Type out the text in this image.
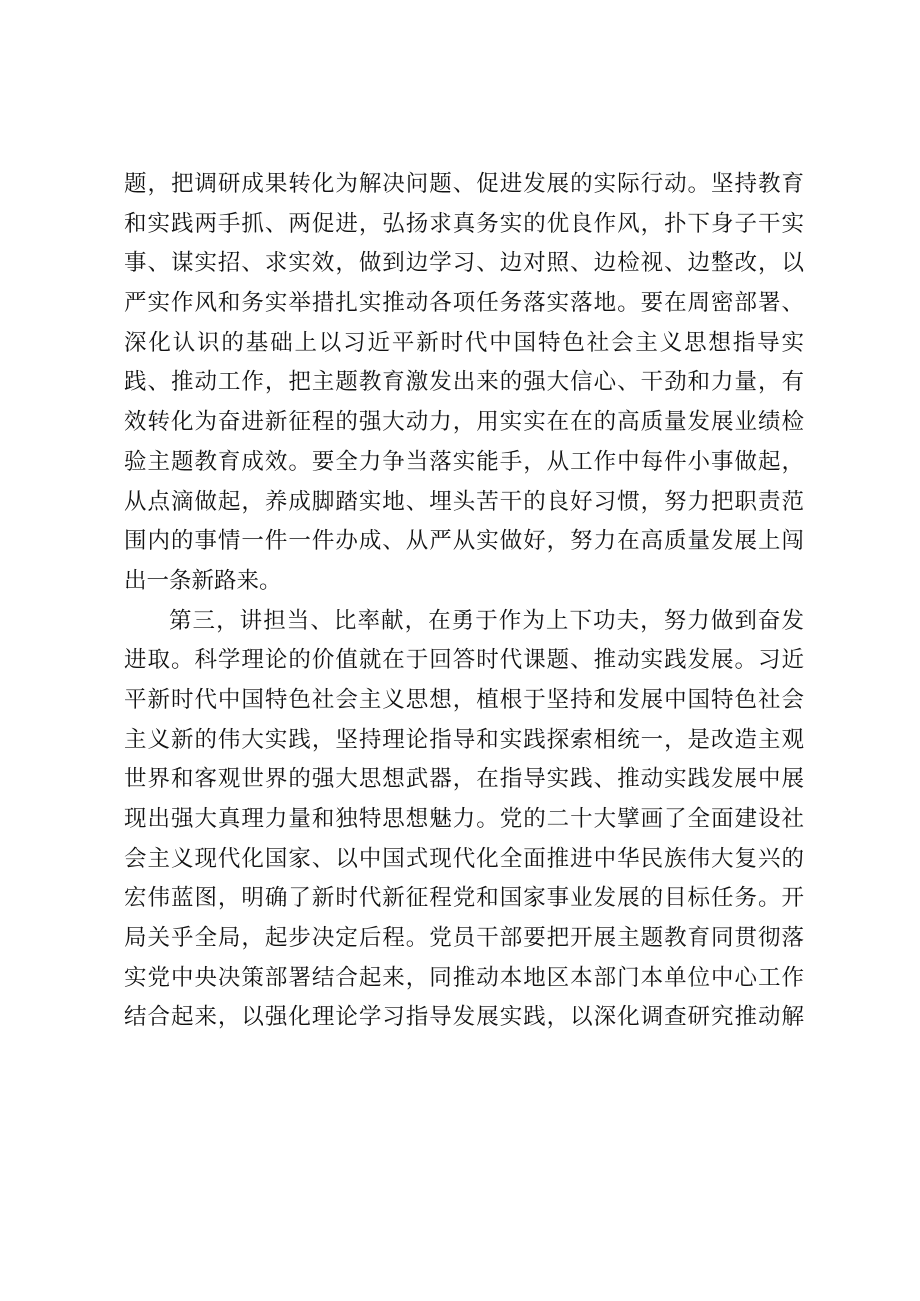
题，把调研成果转化为解决问题、促进发展的实际行动。坚持教育
和实践两手抓、两促进，弘扬求真务实的优良作风，扑下身子干实
事、谋实招、求实效，做到边学习、边对照、边检视、边整改，以
严实作风和务实举措扎实推动各项任务落实落地。要在周密部署、
深化认识的基础上以习近平新时代中国特色社会主义思想指导实
践、推动工作，把主题教育激发出来的强大信心、干劲和力量，有
效转化为奋进新征程的强大动力，用实实在在的高质量发展业绩检
验主题教育成效。要全力争当落实能手，从工作中每件小事做起，
从点滴做起，养成脚踏实地、埋头苦干的良好习惯，努力把职责范
围内的事情一件一件办成、从严从实做好，努力在高质量发展上闯
出一条新路来。
第三，讲担当、比率献，在勇于作为上下功夫，努力做到奋发
进取。科学理论的价值就在于回答时代课题、推动实践发展。习近
平新时代中国特色社会主义思想，植根于坚持和发展中国特色社会
主义新的伟大实践，坚持理论指导和实践探索相统一，是改造主观
世界和客观世界的强大思想武器，在指导实践、推动实践发展中展
现出强大真理力量和独特思想魅力。党的二十大擘画了全面建设社
会主义现代化国家、以中国式现代化全面推进中华民族伟大复兴的
宏伟蓝图，明确了新时代新征程党和国家事业发展的目标任务。开
局关乎全局，起步决定后程。党员干部要把开展主题教育同贯彻落
实党中央决策部署结合起来，同推动本地区本部门本单位中心工作
结合起来，以强化理论学习指导发展实践，以深化调查研究推动解
